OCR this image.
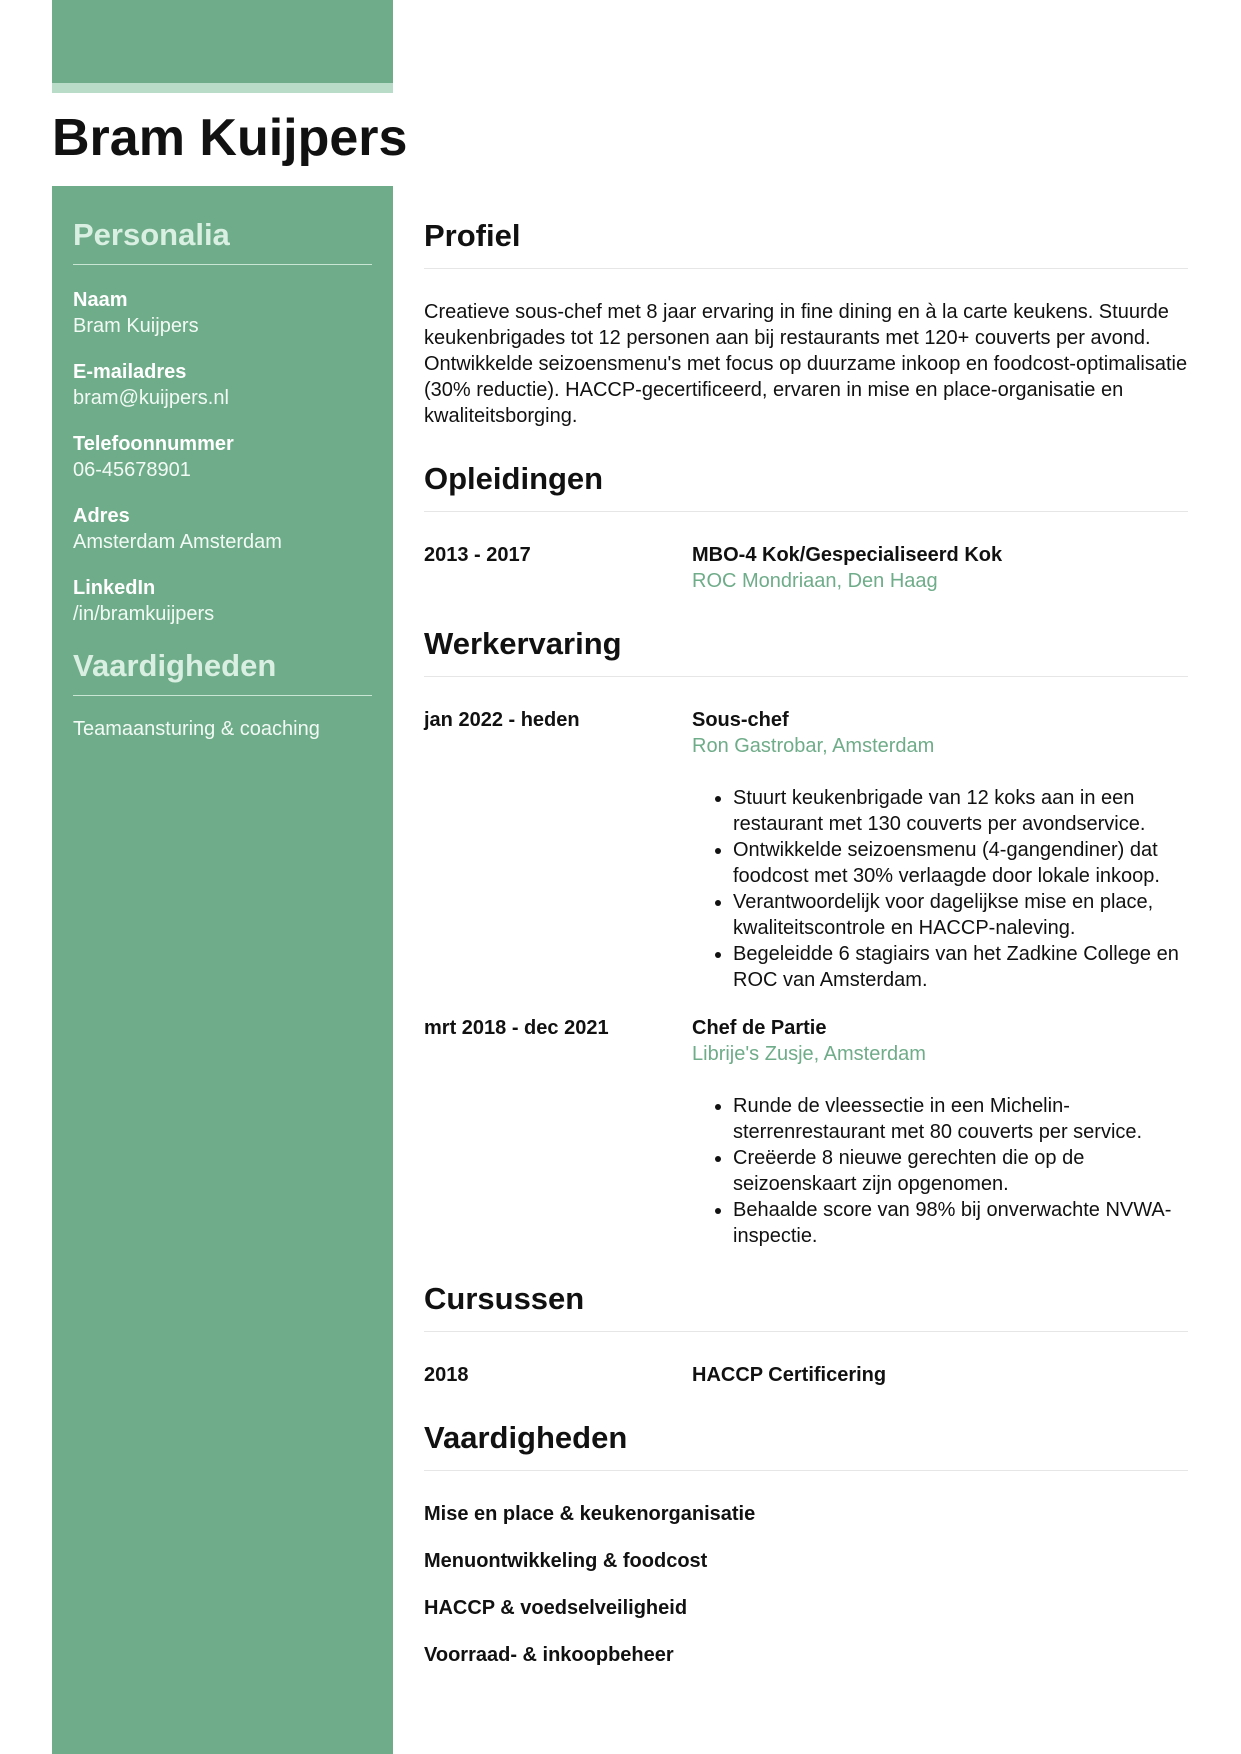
Bram Kuijpers
Personalia
Naam
Bram Kuijpers
E-mailadres
bram@kuijpers.nl
Telefoonnummer
06-45678901
Adres
Amsterdam Amsterdam
LinkedIn
/in/bramkuijpers
Vaardigheden
Teamaansturing & coaching
Profiel

Creatieve sous-chef met 8 jaar ervaring in fine dining en à la carte keukens. Stuurde keukenbrigades tot 12 personen aan bij restaurants met 120+ couverts per avond. Ontwikkelde seizoensmenu's met focus op duurzame inkoop en foodcost-optimalisatie (30% reductie). HACCP-gecertificeerd, ervaren in mise en place-organisatie en kwaliteitsborging.

Opleidingen
2013 - 2017	MBO-4 Kok/Gespecialiseerd Kok
ROC Mondriaan, Den Haag
Werkervaring
jan 2022 - heden	Sous-chef
Ron Gastrobar, Amsterdam
• Stuurt keukenbrigade van 12 koks aan in een restaurant met 130 couverts per avondservice.
• Ontwikkelde seizoensmenu (4-gangendiner) dat foodcost met 30% verlaagde door lokale inkoop.
• Verantwoordelijk voor dagelijkse mise en place, kwaliteitscontrole en HACCP-naleving.
• Begeleidde 6 stagiairs van het Zadkine College en ROC van Amsterdam.
mrt 2018 - dec 2021	Chef de Partie
Librije's Zusje, Amsterdam
• Runde de vleessectie in een Michelin-sterrenrestaurant met 80 couverts per service.
• Creëerde 8 nieuwe gerechten die op de seizoenskaart zijn opgenomen.
• Behaalde score van 98% bij onverwachte NVWA-inspectie.
Cursussen
2018	HACCP Certificering
Vaardigheden
Mise en place & keukenorganisatie
Menuontwikkeling & foodcost
HACCP & voedselveiligheid
Voorraad- & inkoopbeheer
